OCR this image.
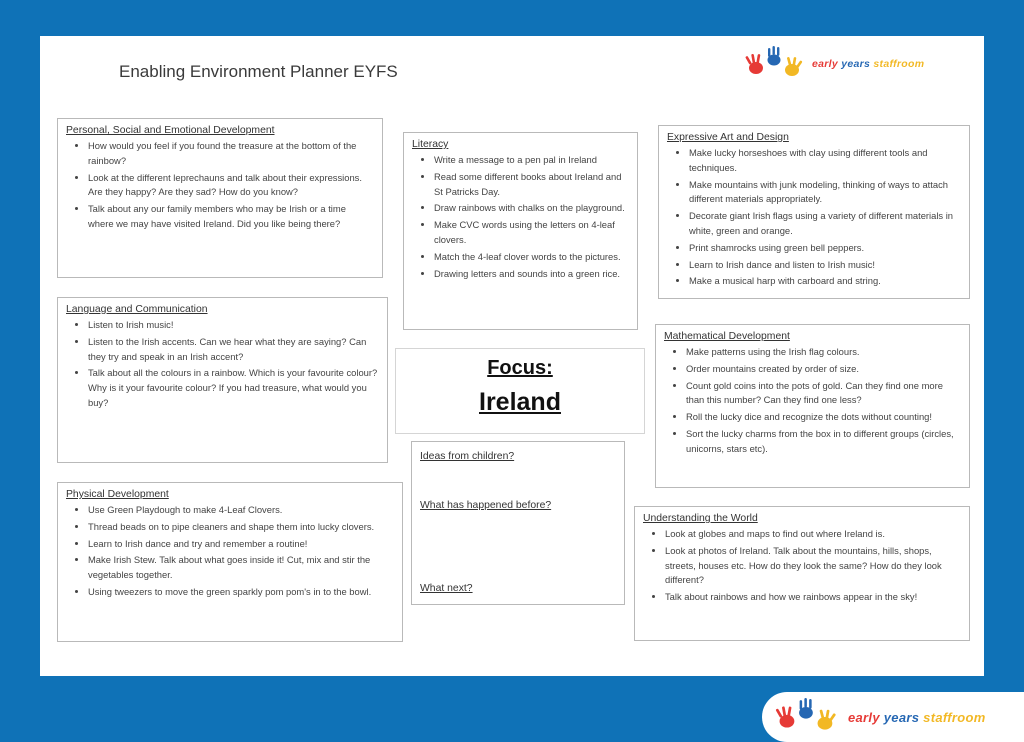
Enabling Environment Planner EYFS	early years staffroom
Personal, Social and Emotional Development
• How would you feel if you found the treasure at the bottom of the rainbow?
• Look at the different leprechauns and talk about their expressions. Are they happy? Are they sad? How do you know?
• Talk about any our family members who may be Irish or a time where we may have visited Ireland. Did you like being there?
Language and Communication
• Listen to Irish music!
• Listen to the Irish accents. Can we hear what they are saying? Can they try and speak in an Irish accent?
• Talk about all the colours in a rainbow. Which is your favourite colour? Why is it your favourite colour? If you had treasure, what would you buy?
Physical Development
• Use Green Playdough to make 4-Leaf Clovers.
• Thread beads on to pipe cleaners and shape them into lucky clovers.
• Learn to Irish dance and try and remember a routine!
• Make Irish Stew. Talk about what goes inside it! Cut, mix and stir the vegetables together.
• Using tweezers to move the green sparkly pom pom's in to the bowl.
Literacy
• Write a message to a pen pal in Ireland
• Read some different books about Ireland and St Patricks Day.
• Draw rainbows with chalks on the playground.
• Make CVC words using the letters on 4-leaf clovers.
• Match the 4-leaf clover words to the pictures.
• Drawing letters and sounds into a green rice.
Focus:
Ireland

Ideas from children?

What has happened before?

What next?

Expressive Art and Design
• Make lucky horseshoes with clay using different tools and techniques.
• Make mountains with junk modeling, thinking of ways to attach different materials appropriately.
• Decorate giant Irish flags using a variety of different materials in white, green and orange.
• Print shamrocks using green bell peppers.
• Learn to Irish dance and listen to Irish music!
• Make a musical harp with carboard and string.
Mathematical Development
• Make patterns using the Irish flag colours.
• Order mountains created by order of size.
• Count gold coins into the pots of gold. Can they find one more than this number? Can they find one less?
• Roll the lucky dice and recognize the dots without counting!
• Sort the lucky charms from the box in to different groups (circles, unicorns, stars etc).
Understanding the World
• Look at globes and maps to find out where Ireland is.
• Look at photos of Ireland. Talk about the mountains, hills, shops, streets, houses etc. How do they look the same? How do they look different?
• Talk about rainbows and how we rainbows appear in the sky!
early years staffroom
